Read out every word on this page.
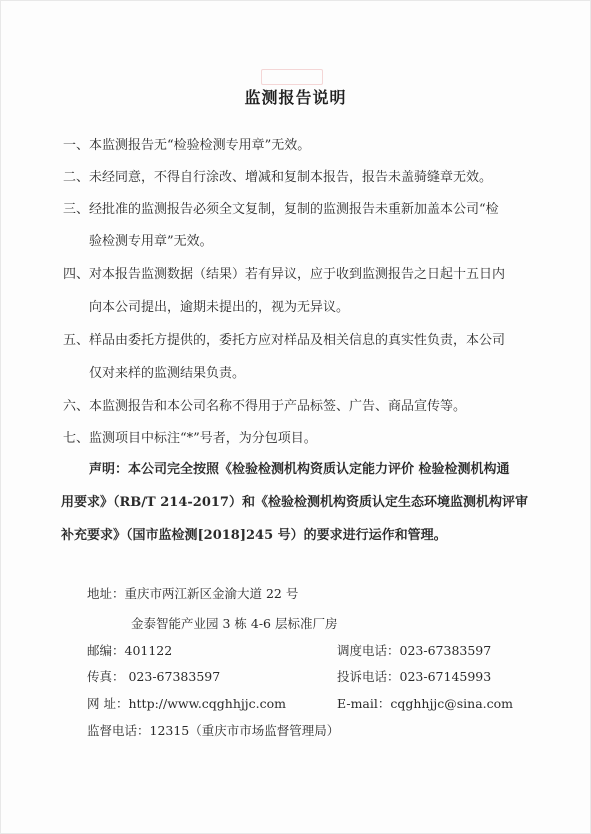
监测报告说明
一、本监测报告无“检验检测专用章”无效。
二、未经同意，不得自行涂改、增减和复制本报告，报告未盖骑缝章无效。
三、经批准的监测报告必须全文复制，复制的监测报告未重新加盖本公司“检
验检测专用章”无效。
四、对本报告监测数据（结果）若有异议，应于收到监测报告之日起十五日内
向本公司提出，逾期未提出的，视为无异议。
五、样品由委托方提供的，委托方应对样品及相关信息的真实性负责，本公司
仅对来样的监测结果负责。
六、本监测报告和本公司名称不得用于产品标签、广告、商品宣传等。
七、监测项目中标注“*”号者，为分包项目。
声明：本公司完全按照《检验检测机构资质认定能力评价 检验检测机构通
用要求》（RB/T 214-2017）和《检验检测机构资质认定生态环境监测机构评审
补充要求》（国市监检测[2018]245 号）的要求进行运作和管理。
地址：重庆市两江新区金渝大道 22 号
金泰智能产业园 3 栋 4-6 层标准厂房
邮编：401122	调度电话：023-67383597
传真： 023-67383597	投诉电话：023-67145993
网 址：http://www.cqghhjjc.com	E-mail：cqghhjjc@sina.com
监督电话：12315（重庆市市场监督管理局）
